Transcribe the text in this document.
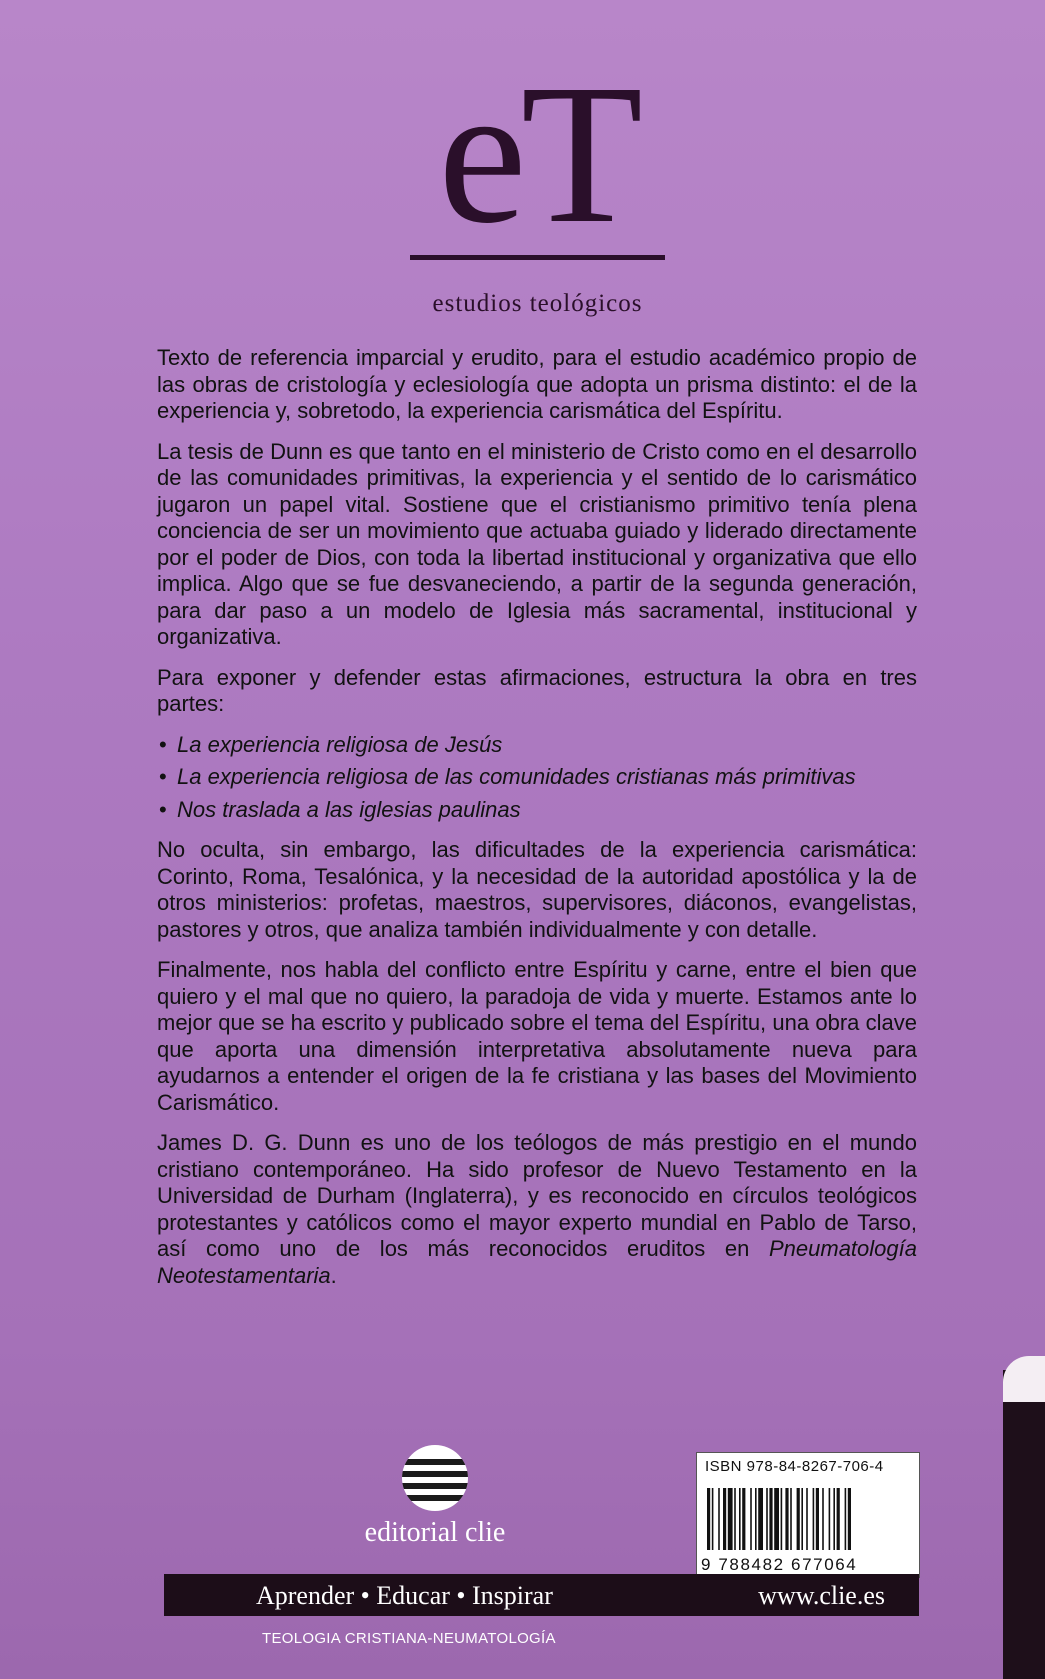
eT
estudios teológicos

Texto de referencia imparcial y erudito, para el estudio académico propio de las obras de cristología y eclesiología que adopta un prisma distinto: el de la experiencia y, sobretodo, la experiencia carismática del Espíritu.

La tesis de Dunn es que tanto en el ministerio de Cristo como en el desarrollo de las comunidades primitivas, la experiencia y el sentido de lo carismático jugaron un papel vital. Sostiene que el cristianismo primitivo tenía plena conciencia de ser un movimiento que actuaba guiado y liderado directamente por el poder de Dios, con toda la libertad institucional y organizativa que ello implica. Algo que se fue desvaneciendo, a partir de la segunda generación, para dar paso a un modelo de Iglesia más sacramental, institucional y organizativa.

Para exponer y defender estas afirmaciones, estructura la obra en tres partes:

• La experiencia religiosa de Jesús
• La experiencia religiosa de las comunidades cristianas más primitivas
• Nos traslada a las iglesias paulinas

No oculta, sin embargo, las dificultades de la experiencia carismática: Corinto, Roma, Tesalónica, y la necesidad de la autoridad apostólica y la de otros ministerios: profetas, maestros, supervisores, diáconos, evangelistas, pastores y otros, que analiza también individualmente y con detalle.

Finalmente, nos habla del conflicto entre Espíritu y carne, entre el bien que quiero y el mal que no quiero, la paradoja de vida y muerte. Estamos ante lo mejor que se ha escrito y publicado sobre el tema del Espíritu, una obra clave que aporta una dimensión interpretativa absolutamente nueva para ayudarnos a entender el origen de la fe cristiana y las bases del Movimiento Carismático.

James D. G. Dunn es uno de los teólogos de más prestigio en el mundo cristiano contemporáneo. Ha sido profesor de Nuevo Testamento en la Universidad de Durham (Inglaterra), y es reconocido en círculos teológicos protestantes y católicos como el mayor experto mundial en Pablo de Tarso, así como uno de los más reconocidos eruditos en Pneumatología Neotestamentaria.

editorial clie
ISBN 978-84-8267-706-4
9 788482 677064
Aprender • Educar • Inspirar	www.clie.es
TEOLOGIA CRISTIANA-NEUMATOLOGÍA
